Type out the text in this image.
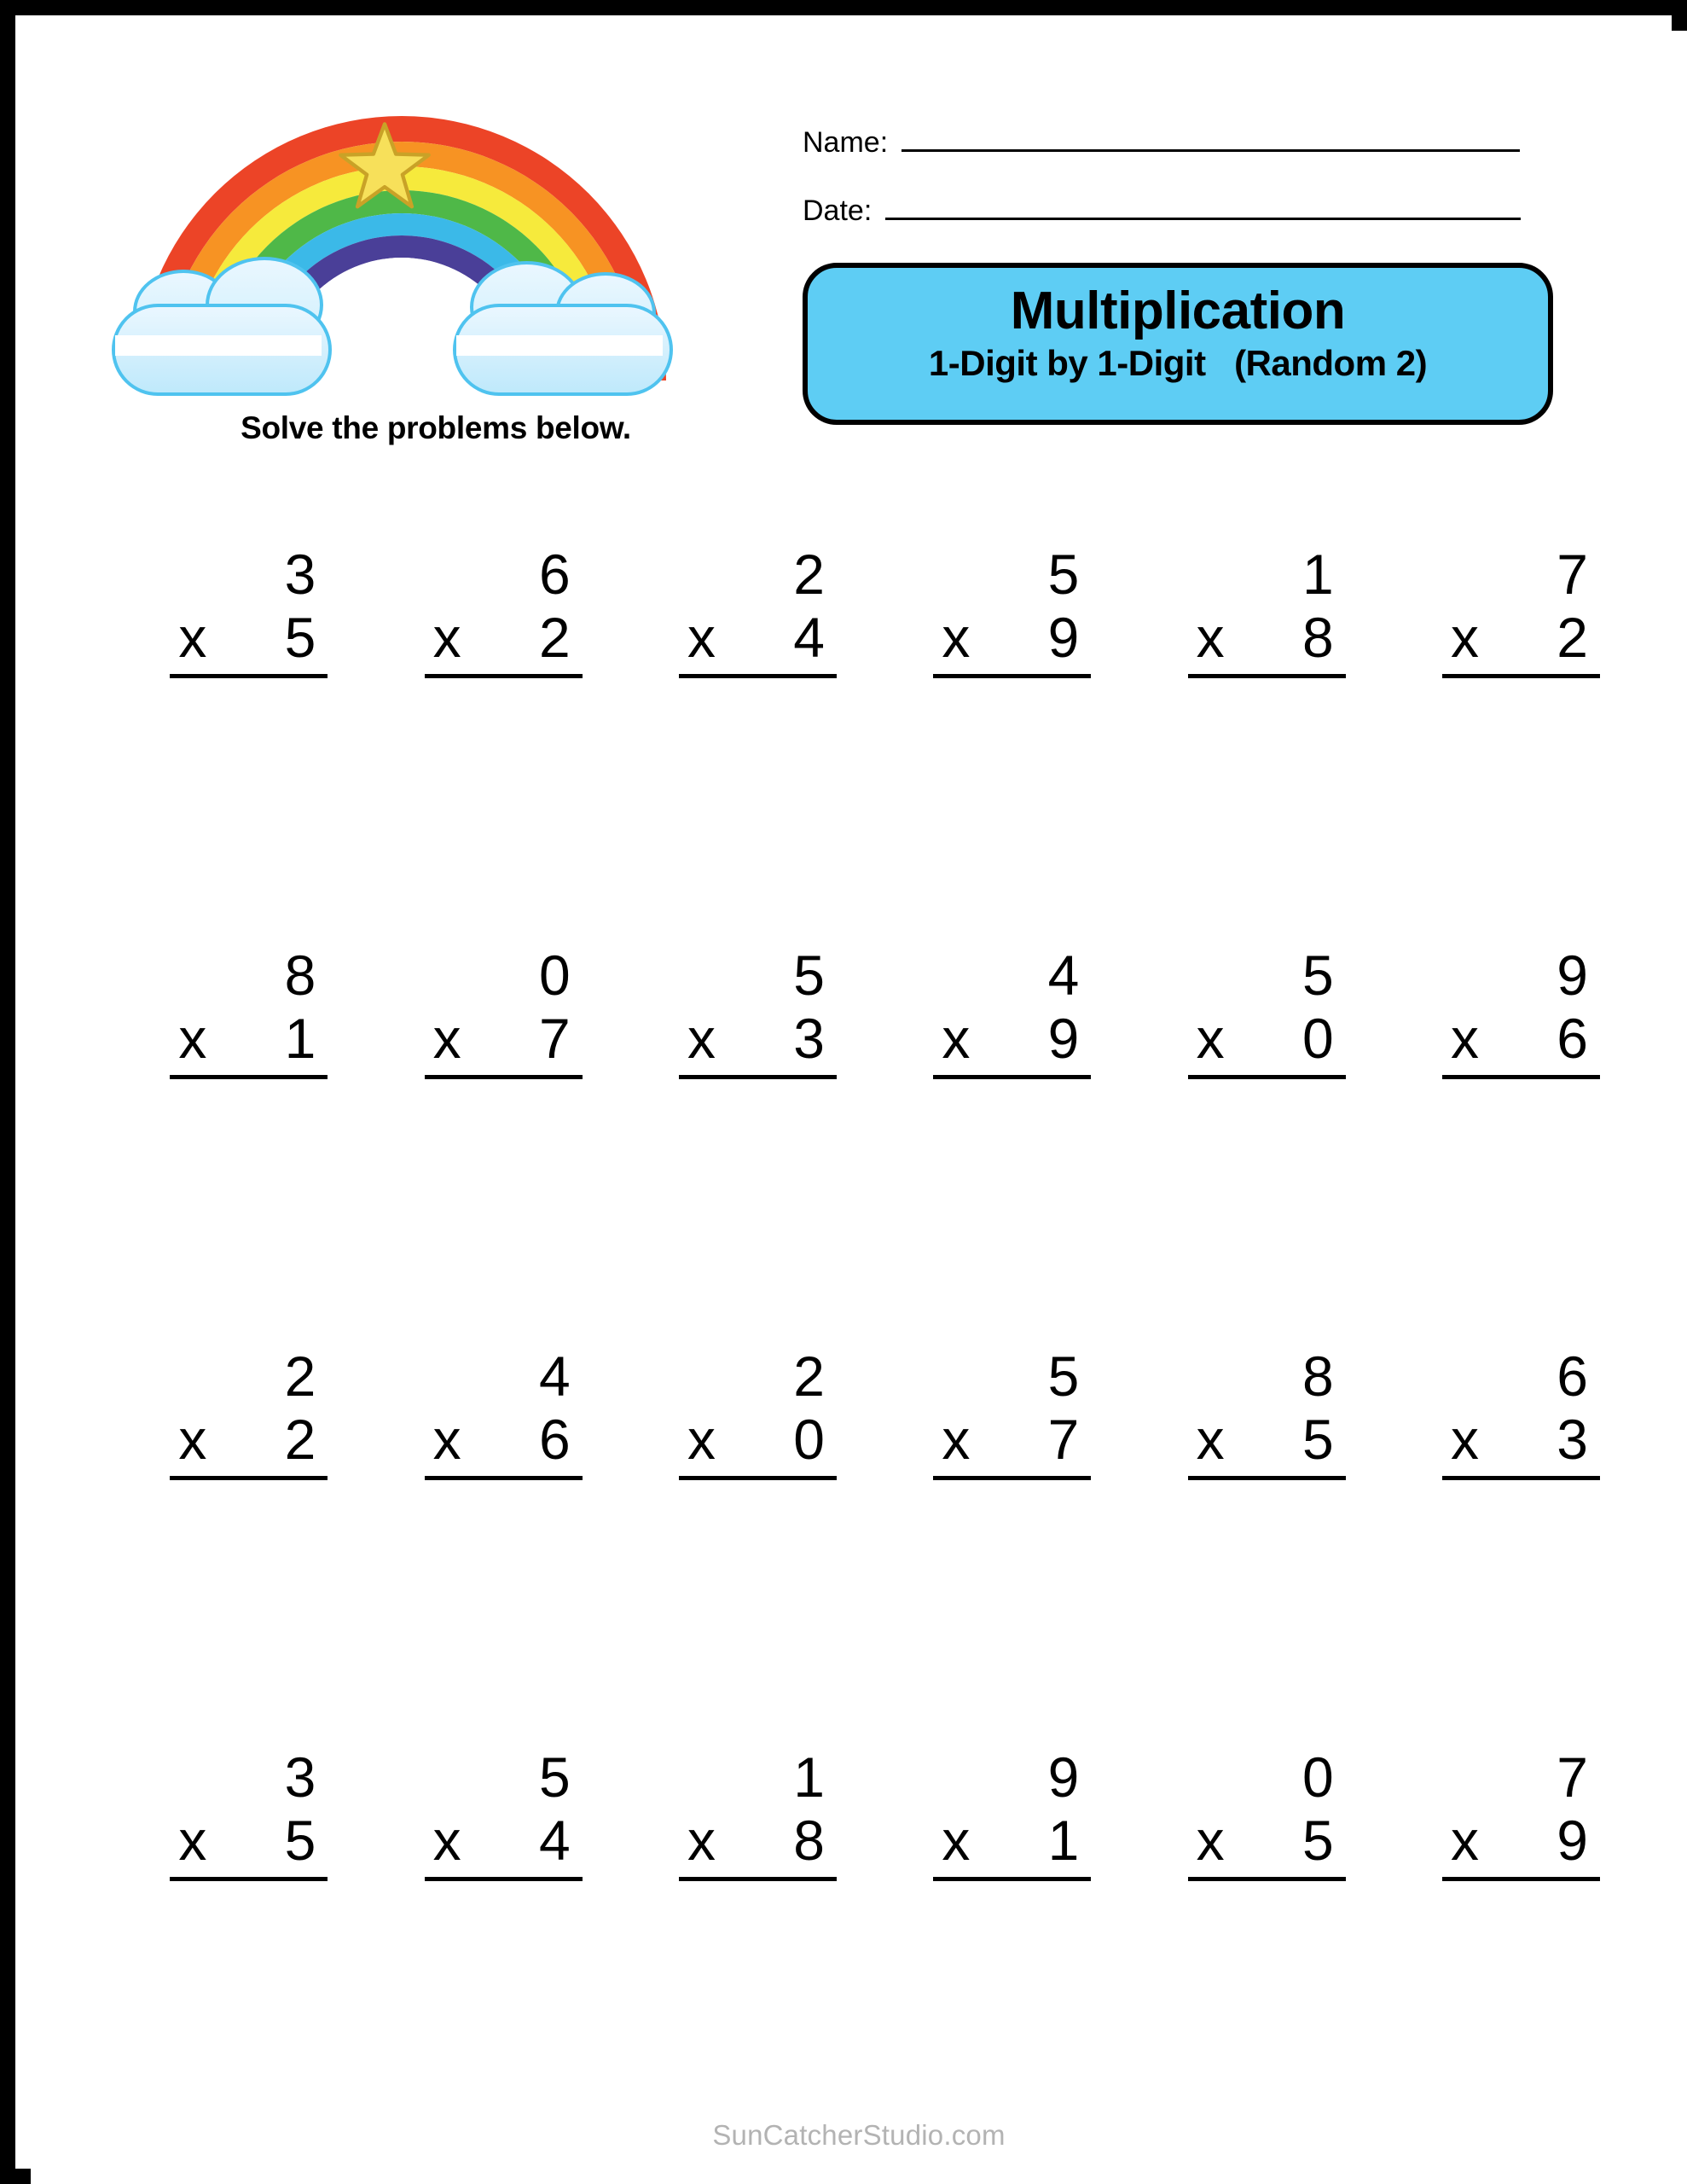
Solve the problems below.
Name:
Date:
Multiplication
1-Digit by 1-Digit   (Random 2)
3
x 5
6
x 2
2
x 4
5
x 9
1
x 8
7
x 2
8
x 1
0
x 7
5
x 3
4
x 9
5
x 0
9
x 6
2
x 2
4
x 6
2
x 0
5
x 7
8
x 5
6
x 3
3
x 5
5
x 4
1
x 8
9
x 1
0
x 5
7
x 9
SunCatcherStudio.com
